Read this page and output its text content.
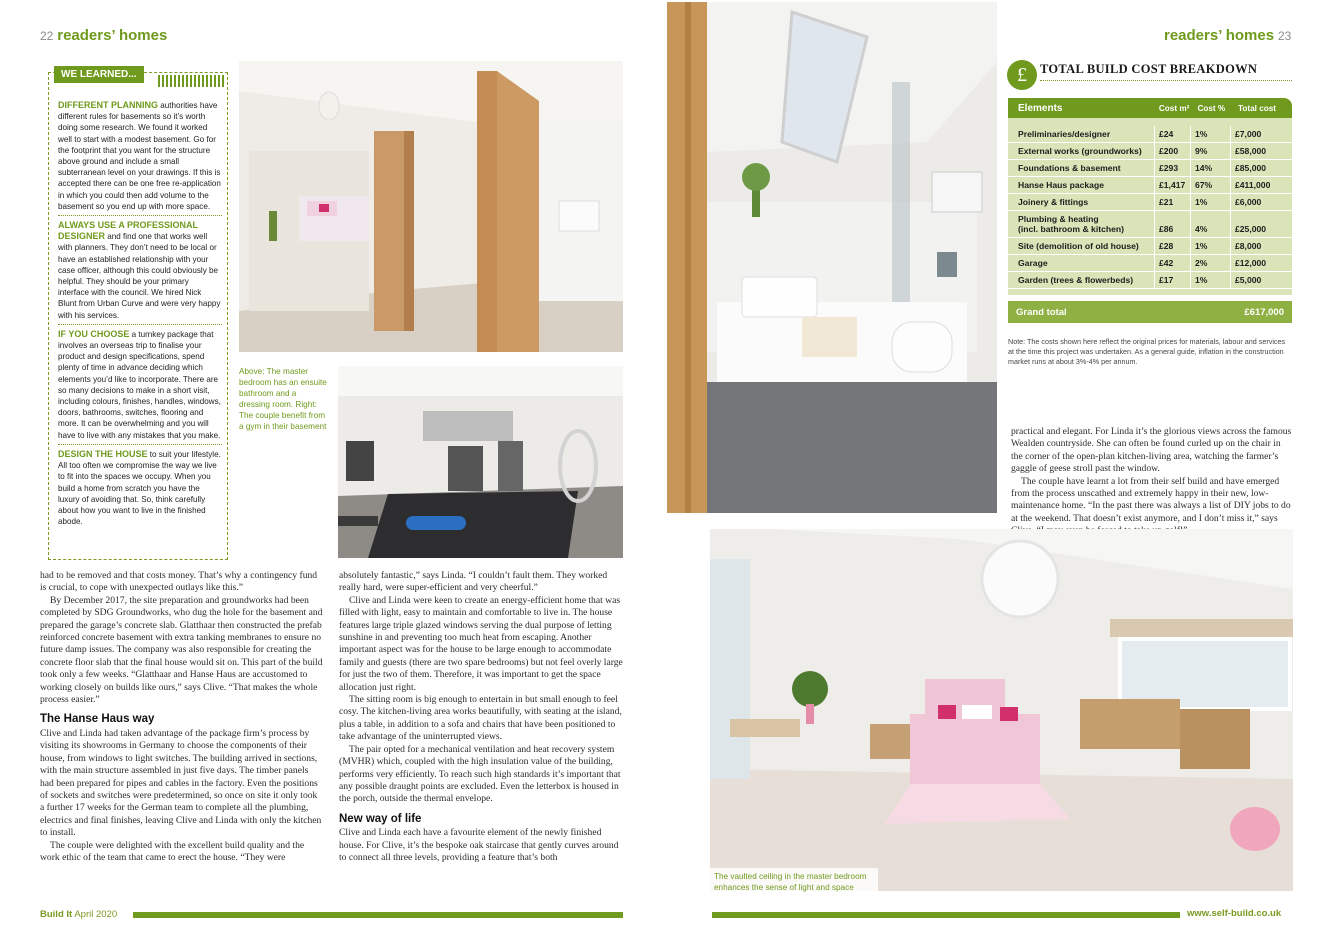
22 readers’ homes
WE LEARNED...
DIFFERENT PLANNING authorities have different rules for basements so it’s worth doing some research. We found it worked well to start with a modest basement. Go for the footprint that you want for the structure above ground and include a small subterranean level on your drawings. If this is accepted there can be one free re-application in which you could then add volume to the basement so you end up with more space.
ALWAYS USE A PROFESSIONAL DESIGNER and find one that works well with planners. They don’t need to be local or have an established relationship with your case officer, although this could obviously be helpful. They should be your primary interface with the council. We hired Nick Blunt from Urban Curve and were very happy with his services.
IF YOU CHOOSE a turnkey package that involves an overseas trip to finalise your product and design specifications, spend plenty of time in advance deciding which elements you’d like to incorporate. There are so many decisions to make in a short visit, including colours, finishes, handles, windows, doors, bathrooms, switches, flooring and more. It can be overwhelming and you will have to live with any mistakes that you make.
DESIGN THE HOUSE to suit your lifestyle. All too often we compromise the way we live to fit into the spaces we occupy. When you build a home from scratch you have the luxury of avoiding that. So, think carefully about how you want to live in the finished abode.
Above: The master bedroom has an ensuite bathroom and a dressing room. Right: The couple benefit from a gym in their basement

had to be removed and that costs money. That’s why a contingency fund is crucial, to cope with unexpected outlays like this.”

By December 2017, the site preparation and groundworks had been completed by SDG Groundworks, who dug the hole for the basement and prepared the garage’s concrete slab. Glatthaar then constructed the prefab reinforced concrete basement with extra tanking membranes to ensure no future damp issues. The company was also responsible for creating the concrete floor slab that the final house would sit on. This part of the build took only a few weeks. “Glatthaar and Hanse Haus are accustomed to working closely on builds like ours,” says Clive. “That makes the whole process easier.”

The Hanse Haus way

Clive and Linda had taken advantage of the package firm’s process by visiting its showrooms in Germany to choose the components of their house, from windows to light switches. The building arrived in sections, with the main structure assembled in just five days. The timber panels had been prepared for pipes and cables in the factory. Even the positions of sockets and switches were predetermined, so once on site it only took a further 17 weeks for the German team to complete all the plumbing, electrics and final finishes, leaving Clive and Linda with only the kitchen to install.

The couple were delighted with the excellent build quality and the work ethic of the team that came to erect the house. “They were

absolutely fantastic,” says Linda. “I couldn’t fault them. They worked really hard, were super-efficient and very cheerful.”

Clive and Linda were keen to create an energy-efficient home that was filled with light, easy to maintain and comfortable to live in. The house features large triple glazed windows serving the dual purpose of letting sunshine in and preventing too much heat from escaping. Another important aspect was for the house to be large enough to accommodate family and guests (there are two spare bedrooms) but not feel overly large for just the two of them. Therefore, it was important to get the space allocation just right.

The sitting room is big enough to entertain in but small enough to feel cosy. The kitchen-living area works beautifully, with seating at the island, plus a table, in addition to a sofa and chairs that have been positioned to take advantage of the uninterrupted views.

The pair opted for a mechanical ventilation and heat recovery system (MVHR) which, coupled with the high insulation value of the building, performs very efficiently. To reach such high standards it’s important that any possible draught points are excluded. Even the letterbox is housed in the porch, outside the thermal envelope.

New way of life

Clive and Linda each have a favourite element of the newly finished house. For Clive, it’s the bespoke oak staircase that gently curves around to connect all three levels, providing a feature that’s both

Build It April 2020
readers’ homes 23
£	TOTAL BUILD COST BREAKDOWN
Elements	Cost m² Cost %	Total cost
Preliminaries/designer	£24	1%	£7,000
External works (groundworks)	£200	9%	£58,000
Foundations & basement	£293	14%	£85,000
Hanse Haus package	£1,417	67%	£411,000
Joinery & fittings	£21	1%	£6,000
Plumbing & heating
(incl. bathroom & kitchen)	£86	4%	£25,000
Site (demolition of old house)	£28	1%	£8,000
Garage	£42	2%	£12,000
Garden (trees & flowerbeds)	£17	1%	£5,000
Grand total	£617,000
Note: The costs shown here reflect the original prices for materials, labour and services at the time this project was undertaken. As a general guide, inflation in the construction market runs at about 3%-4% per annum.

practical and elegant. For Linda it’s the glorious views across the famous Wealden countryside. She can often be found curled up on the chair in the corner of the open-plan kitchen-living area, watching the farmer’s gaggle of geese stroll past the window.

The couple have learnt a lot from their self build and have emerged from the process unscathed and extremely happy in their new, low-maintenance home. “In the past there was always a list of DIY jobs to do at the weekend. That doesn’t exist anymore, and I don’t miss it,” says

The vaulted ceiling in the master bedroom enhances the sense of light and space
www.self-build.co.uk
